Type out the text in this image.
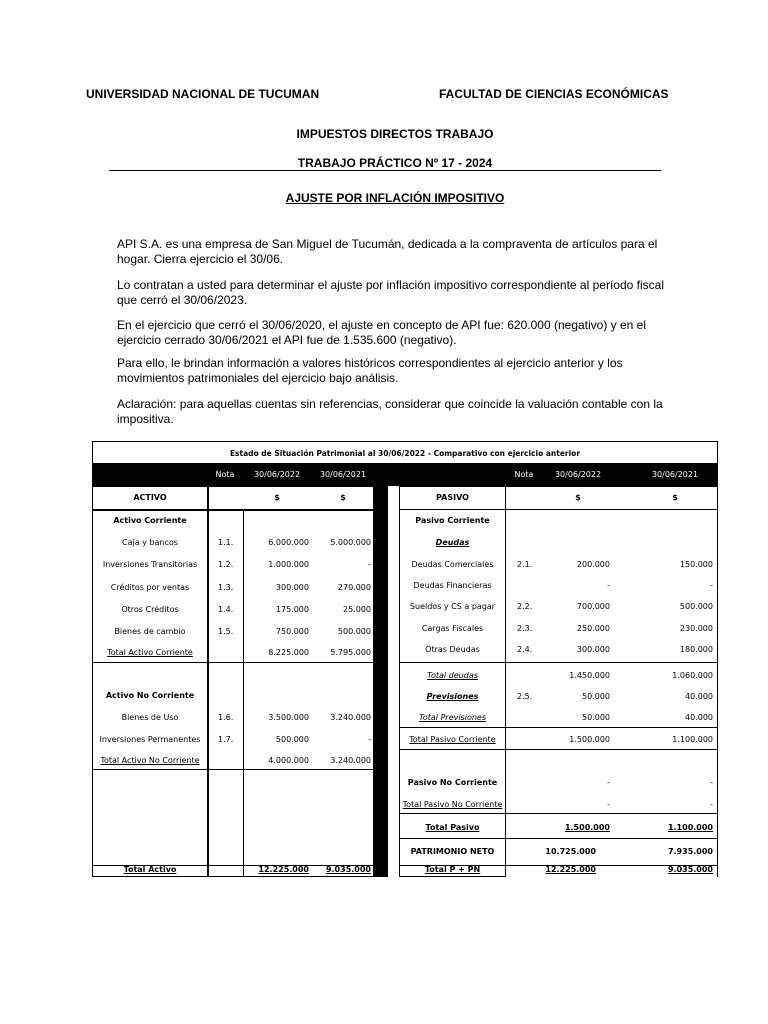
UNIVERSIDAD NACIONAL DE TUCUMAN	FACULTAD DE CIENCIAS ECONÓMICAS
IMPUESTOS DIRECTOS TRABAJO
TRABAJO PRÁCTICO Nº 17 - 2024
AJUSTE POR INFLACIÓN IMPOSITIVO
API S.A. es una empresa de San Miguel de Tucumán, dedicada a la compraventa de artículos para el hogar. Cierra ejercicio el 30/06.
Lo contratan a usted para determinar el ajuste por inflación impositivo correspondiente al período fiscal que cerró el 30/06/2023.
En el ejercicio que cerró el 30/06/2020, el ajuste en concepto de API fue: 620.000 (negativo) y en el ejercicio cerrado 30/06/2021 el API fue de 1.535.600 (negativo).
Para ello, le brindan información a valores históricos correspondientes al ejercicio anterior y los movimientos patrimoniales del ejercicio bajo análisis.
Aclaración: para aquellas cuentas sin referencias, considerar que coincide la valuación contable con la impositiva.
Estado de Situación Patrimonial al 30/06/2022 - Comparativo con ejercicio anterior
Nota	30/06/2022	30/06/2021	Nota	30/06/2022	30/06/2021
ACTIVO	$	$
Activo Corriente
Caja y bancos	1.1.	6.000.000	5.000.000
Inversiones Transitorias	1.2.	1.000.000	-
Créditos por ventas	1.3.	300.000	270.000
Otros Créditos	1.4.	175.000	25.000
Bienes de cambio	1.5.	750.000	500.000
Total Activo Corriente	8.225.000	5.795.000
Activo No Corriente
Bienes de Uso	1.6.	3.500.000	3.240.000
Inversiones Permanentes	1.7.	500.000	-
Total Activo No Corriente	4.000.000	3.240.000
Total Activo	12.225.000	9.035.000
PASIVO	$	$
Pasivo Corriente
Deudas
Deudas Comerciales	2.1.	200.000	150.000
Deudas Financieras	-	-
Sueldos y CS a pagar	2.2.	700.000	500.000
Cargas Fiscales	2.3.	250.000	230.000
Otras Deudas	2.4.	300.000	180.000
Total deudas	1.450.000	1.060.000
Previsiones	2.5.	50.000	40.000
Total Previsiones	50.000	40.000
Total Pasivo Corriente	1.500.000	1.100.000
Pasivo No Corriente	-	-
Total Pasivo No Corriente	-	-
Total Pasivo	1.500.000	1.100.000
PATRIMONIO NETO	10.725.000	7.935.000
Total P + PN	12.225.000	9.035.000
